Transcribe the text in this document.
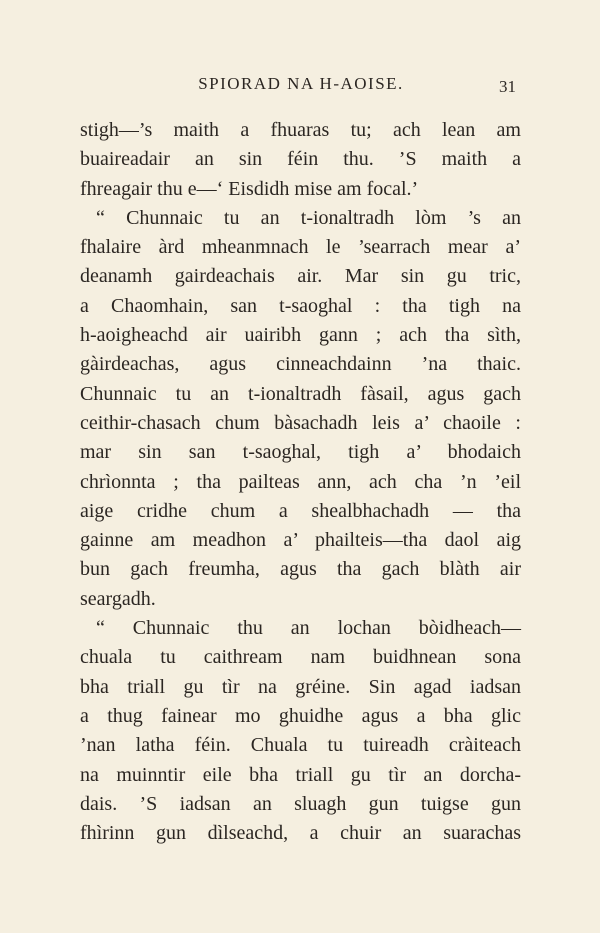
SPIORAD NA H-AOISE.	31
stigh—’s maith a fhuaras tu; ach lean am
buaireadair an sin féin thu. ’S maith a
fhreagair thu e—‘ Eisdidh mise am focal.’
“ Chunnaic tu an t-ionaltradh lòm ’s an
fhalaire àrd mheanmnach le ’searrach mear a’
deanamh gairdeachais air. Mar sin gu tric,
a Chaomhain, san t-saoghal : tha tigh na
h-aoigheachd air uairibh gann ; ach tha sìth,
gàirdeachas, agus cinneachdainn ’na thaic.
Chunnaic tu an t-ionaltradh fàsail, agus gach
ceithir-chasach chum bàsachadh leis a’ chaoile :
mar sin san t-saoghal, tigh a’ bhodaich
chrìonnta ; tha pailteas ann, ach cha ’n ’eil
aige cridhe chum a shealbhachadh — tha
gainne am meadhon a’ phailteis—tha daol aig
bun gach freumha, agus tha gach blàth air
seargadh.
“ Chunnaic thu an lochan bòidheach—
chuala tu caithream nam buidhnean sona
bha triall gu tìr na gréine. Sin agad iadsan
a thug fainear mo ghuidhe agus a bha glic
’nan latha féin. Chuala tu tuireadh cràiteach
na muinntir eile bha triall gu tìr an dorcha-
dais. ’S iadsan an sluagh gun tuigse gun
fhìrinn gun dìlseachd, a chuir an suarachas
